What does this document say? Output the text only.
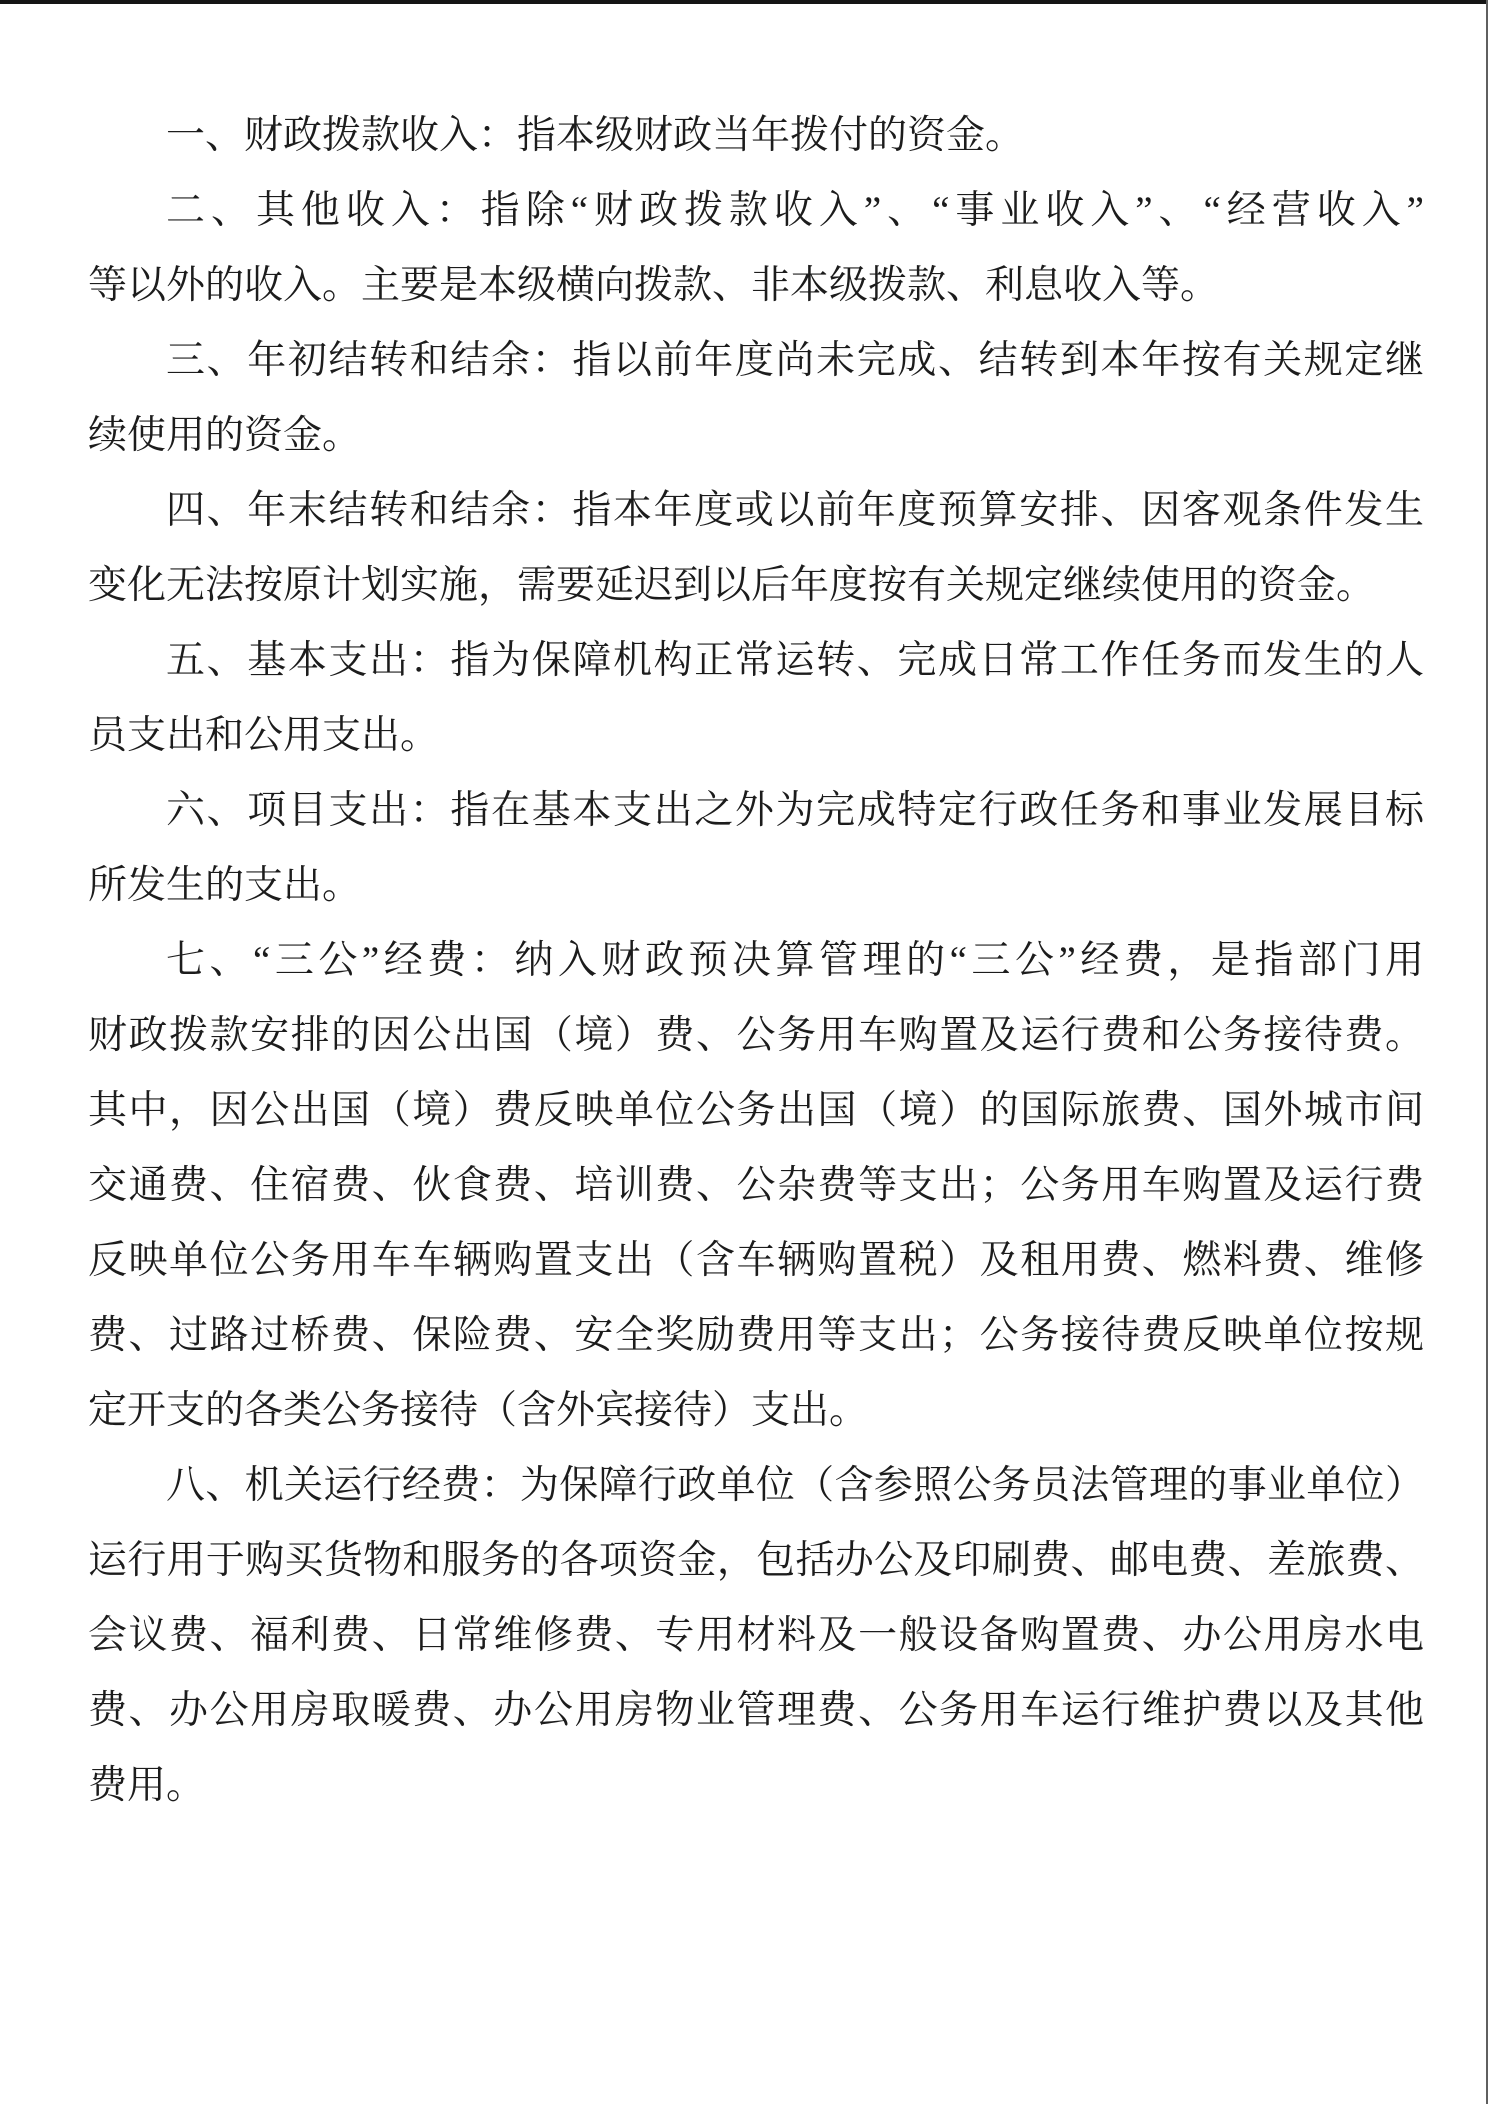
一、财政拨款收入：指本级财政当年拨付的资金。
二、其他收入：指除“财政拨款收入”、“事业收入”、“经营收入”
等以外的收入。主要是本级横向拨款、非本级拨款、利息收入等。
三、年初结转和结余：指以前年度尚未完成、结转到本年按有关规定继
续使用的资金。
四、年末结转和结余：指本年度或以前年度预算安排、因客观条件发生
变化无法按原计划实施，需要延迟到以后年度按有关规定继续使用的资金。
五、基本支出：指为保障机构正常运转、完成日常工作任务而发生的人
员支出和公用支出。
六、项目支出：指在基本支出之外为完成特定行政任务和事业发展目标
所发生的支出。
七、“三公”经费：纳入财政预决算管理的“三公”经费，是指部门用
财政拨款安排的因公出国（境）费、公务用车购置及运行费和公务接待费。
其中，因公出国（境）费反映单位公务出国（境）的国际旅费、国外城市间
交通费、住宿费、伙食费、培训费、公杂费等支出；公务用车购置及运行费
反映单位公务用车车辆购置支出（含车辆购置税）及租用费、燃料费、维修
费、过路过桥费、保险费、安全奖励费用等支出；公务接待费反映单位按规
定开支的各类公务接待（含外宾接待）支出。
八、机关运行经费：为保障行政单位（含参照公务员法管理的事业单位）
运行用于购买货物和服务的各项资金，包括办公及印刷费、邮电费、差旅费、
会议费、福利费、日常维修费、专用材料及一般设备购置费、办公用房水电
费、办公用房取暖费、办公用房物业管理费、公务用车运行维护费以及其他
费用。
